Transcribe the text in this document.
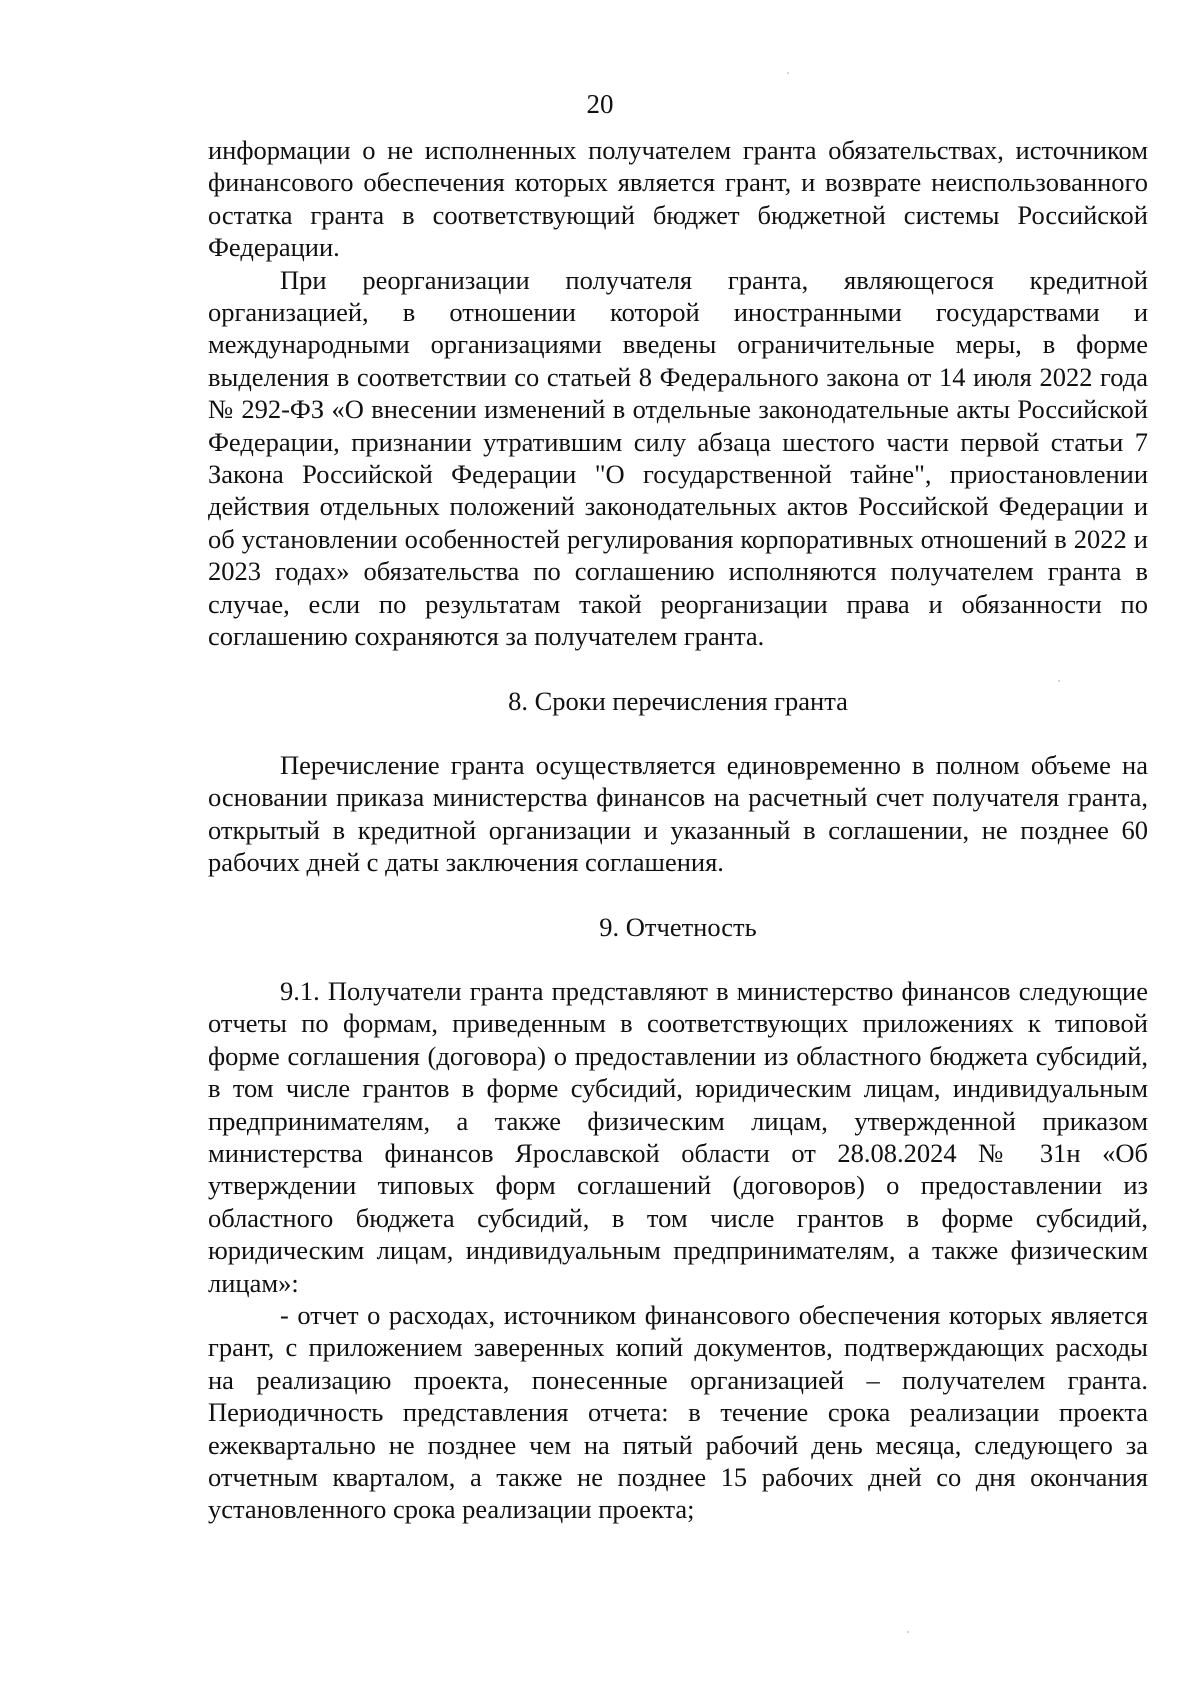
20

информации о не исполненных получателем гранта обязательствах, источником финансового обеспечения которых является грант, и возврате неиспользованного остатка гранта в соответствующий бюджет бюджетной системы Российской Федерации.

При реорганизации получателя гранта, являющегося кредитной организацией, в отношении которой иностранными государствами и международными организациями введены ограничительные меры, в форме выделения в соответствии со статьей 8 Федерального закона от 14 июля 2022 года № 292-ФЗ «О внесении изменений в отдельные законодательные акты Российской Федерации, признании утратившим силу абзаца шестого части первой статьи 7 Закона Российской Федерации "О государственной тайне", приостановлении действия отдельных положений законодательных актов Российской Федерации и об установлении особенностей регулирования корпоративных отношений в 2022 и 2023 годах» обязательства по соглашению исполняются получателем гранта в случае, если по результатам такой реорганизации права и обязанности по соглашению сохраняются за получателем гранта.

8. Сроки перечисления гранта

Перечисление гранта осуществляется единовременно в полном объеме на основании приказа министерства финансов на расчетный счет получателя гранта, открытый в кредитной организации и указанный в соглашении, не позднее 60 рабочих дней с даты заключения соглашения.

9. Отчетность

9.1. Получатели гранта представляют в министерство финансов следующие отчеты по формам, приведенным в соответствующих приложениях к типовой форме соглашения (договора) о предоставлении из областного бюджета субсидий, в том числе грантов в форме субсидий, юридическим лицам, индивидуальным предпринимателям, а также физическим лицам, утвержденной приказом министерства финансов Ярославской области от 28.08.2024 № 31н «Об утверждении типовых форм соглашений (договоров) о предоставлении из областного бюджета субсидий, в том числе грантов в форме субсидий, юридическим лицам, индивидуальным предпринимателям, а также физическим лицам»:

- отчет о расходах, источником финансового обеспечения которых является грант, с приложением заверенных копий документов, подтверждающих расходы на реализацию проекта, понесенные организацией – получателем гранта. Периодичность представления отчета: в течение срока реализации проекта ежеквартально не позднее чем на пятый рабочий день месяца, следующего за отчетным кварталом, а также не позднее 15 рабочих дней со дня окончания установленного срока реализации проекта;
